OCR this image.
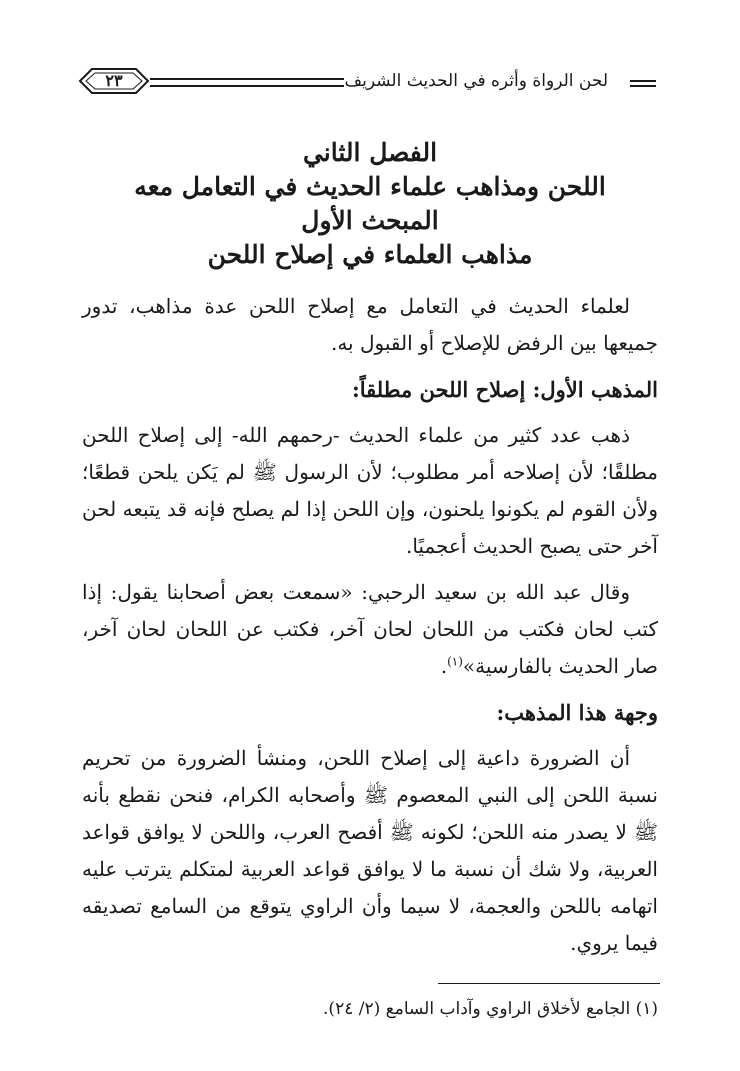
لحن الرواة وأثره في الحديث الشريف
٢٣
الفصل الثاني
اللحن ومذاهب علماء الحديث في التعامل معه
المبحث الأول
مذاهب العلماء في إصلاح اللحن

لعلماء الحديث في التعامل مع إصلاح اللحن عدة مذاهب، تدور جميعها بين الرفض للإصلاح أو القبول به.

المذهب الأول: إصلاح اللحن مطلقاً:

ذهب عدد كثير من علماء الحديث -رحمهم الله- إلى إصلاح اللحن مطلقًا؛ لأن إصلاحه أمر مطلوب؛ لأن الرسول ﷺ لم يَكن يلحن قطعًا؛ ولأن القوم لم يكونوا يلحنون، وإن اللحن إذا لم يصلح فإنه قد يتبعه لحن آخر حتى يصبح الحديث أعجميًا.

وقال عبد الله بن سعيد الرحبي: «سمعت بعض أصحابنا يقول: إذا كتب لحان فكتب من اللحان لحان آخر، فكتب عن اللحان لحان آخر، صار الحديث بالفارسية»$^{(١)}$.

وجهة هذا المذهب:

أن الضرورة داعية إلى إصلاح اللحن، ومنشأ الضرورة من تحريم نسبة اللحن إلى النبي المعصوم ﷺ وأصحابه الكرام، فنحن نقطع بأنه ﷺ لا يصدر منه اللحن؛ لكونه ﷺ أفصح العرب، واللحن لا يوافق قواعد العربية، ولا شك أن نسبة ما لا يوافق قواعد العربية لمتكلم يترتب عليه اتهامه باللحن والعجمة، لا سيما وأن الراوي يتوقع من السامع تصديقه فيما يروي.

(١) الجامع لأخلاق الراوي وآداب السامع (٢/ ٢٤).
